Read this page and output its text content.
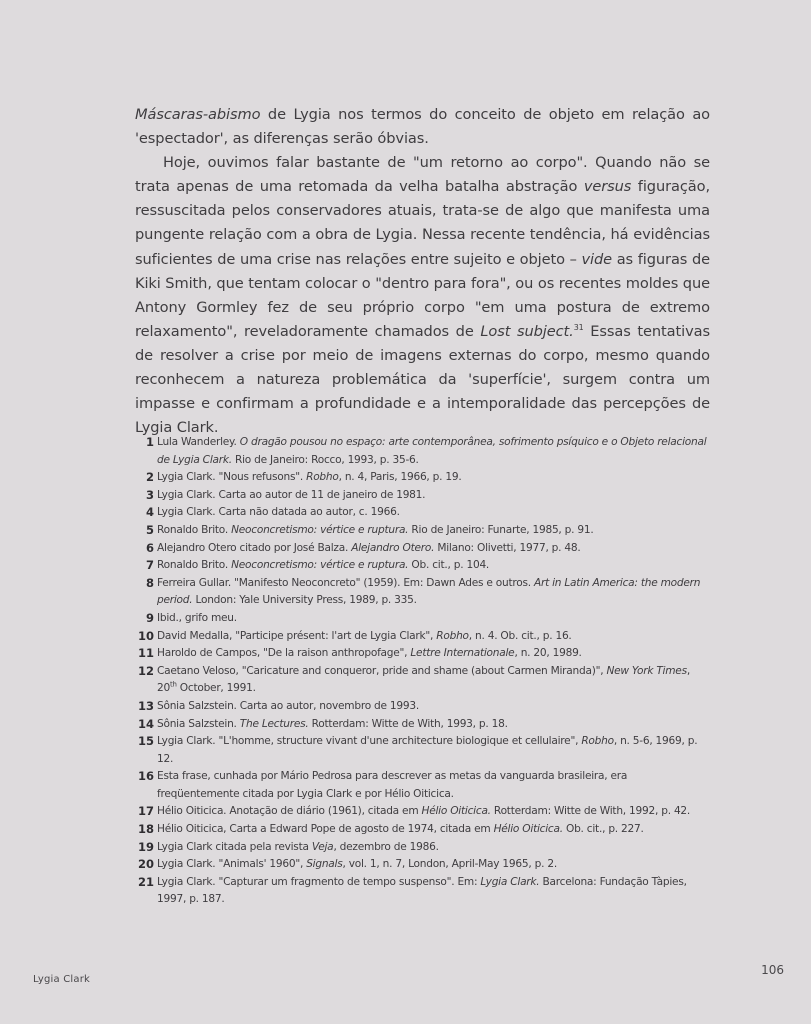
Máscaras-abismo de Lygia nos termos do conceito de objeto em relação ao 'espectador', as diferenças serão óbvias.

Hoje, ouvimos falar bastante de "um retorno ao corpo". Quando não se trata apenas de uma retomada da velha batalha abstração versus figuração, ressuscitada pelos conservadores atuais, trata-se de algo que manifesta uma pungente relação com a obra de Lygia. Nessa recente tendência, há evidências suficientes de uma crise nas relações entre sujeito e objeto – vide as figuras de Kiki Smith, que tentam colocar o "dentro para fora", ou os recentes moldes que Antony Gormley fez de seu próprio corpo "em uma postura de extremo relaxamento", reveladoramente chamados de Lost subject.$^{31}$ Essas tentativas de resolver a crise por meio de imagens externas do corpo, mesmo quando reconhecem a natureza problemática da 'superfície', surgem contra um impasse e confirmam a profundidade e a intemporalidade das percepções de Lygia Clark.

1 Lula Wanderley. O dragão pousou no espaço: arte contemporânea, sofrimento psíquico e o Objeto relacional de Lygia Clark. Rio de Janeiro: Rocco, 1993, p. 35-6.
2 Lygia Clark. "Nous refusons". Robho, n. 4, Paris, 1966, p. 19.
3 Lygia Clark. Carta ao autor de 11 de janeiro de 1981.
4 Lygia Clark. Carta não datada ao autor, c. 1966.
5 Ronaldo Brito. Neoconcretismo: vértice e ruptura. Rio de Janeiro: Funarte, 1985, p. 91.
6 Alejandro Otero citado por José Balza. Alejandro Otero. Milano: Olivetti, 1977, p. 48.
7 Ronaldo Brito. Neoconcretismo: vértice e ruptura. Ob. cit., p. 104.
8 Ferreira Gullar. "Manifesto Neoconcreto" (1959). Em: Dawn Ades e outros. Art in Latin America: the modern period. London: Yale University Press, 1989, p. 335.
9 Ibid., grifo meu.
10 David Medalla, "Participe présent: l'art de Lygia Clark", Robho, n. 4. Ob. cit., p. 16.
11 Haroldo de Campos, "De la raison anthropofage", Lettre Internationale, n. 20, 1989.
12 Caetano Veloso, "Caricature and conqueror, pride and shame (about Carmen Miranda)", New York Times, 20th October, 1991.
13 Sônia Salzstein. Carta ao autor, novembro de 1993.
14 Sônia Salzstein. The Lectures. Rotterdam: Witte de With, 1993, p. 18.
15 Lygia Clark. "L'homme, structure vivant d'une architecture biologique et cellulaire", Robho, n. 5-6, 1969, p. 12.
16 Esta frase, cunhada por Mário Pedrosa para descrever as metas da vanguarda brasileira, era freqüentemente citada por Lygia Clark e por Hélio Oiticica.
17 Hélio Oiticica. Anotação de diário (1961), citada em Hélio Oiticica. Rotterdam: Witte de With, 1992, p. 42.
18 Hélio Oiticica, Carta a Edward Pope de agosto de 1974, citada em Hélio Oiticica. Ob. cit., p. 227.
19 Lygia Clark citada pela revista Veja, dezembro de 1986.
20 Lygia Clark. "Animals' 1960", Signals, vol. 1, n. 7, London, April-May 1965, p. 2.
21 Lygia Clark. "Capturar um fragmento de tempo suspenso". Em: Lygia Clark. Barcelona: Fundação Tàpies, 1997, p. 187.
Lygia Clark
106
